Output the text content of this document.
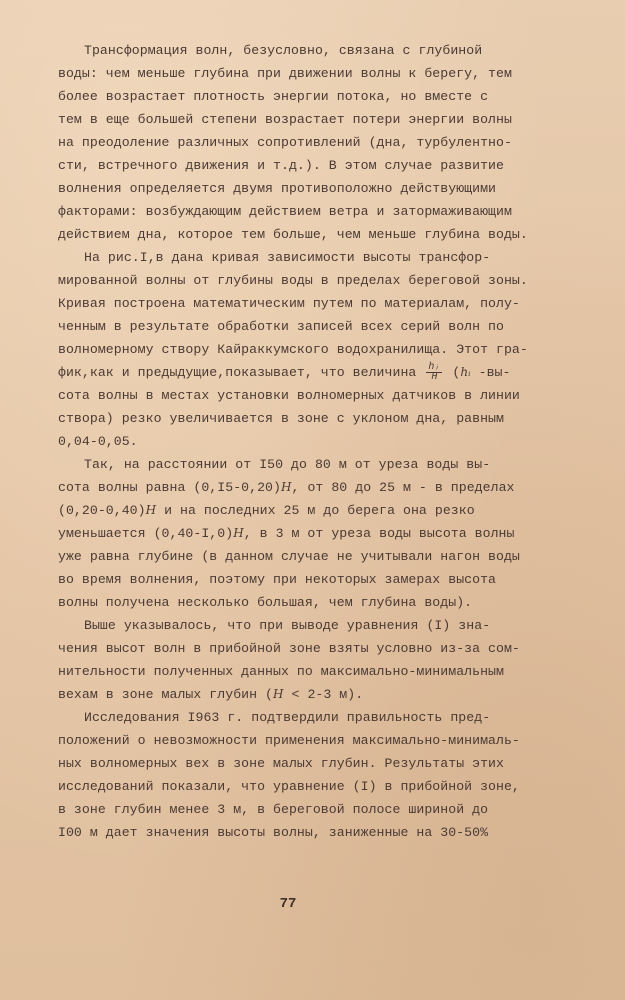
Трансформация волн, безусловно, связана с глубиной
воды: чем меньше глубина при движении волны к берегу, тем
более возрастает плотность энергии потока, но вместе с
тем в еще большей степени возрастает потери энергии волны
на преодоление различных сопротивлений (дна, турбулентно-
сти, встречного движения и т.д.). В этом случае развитие
волнения определяется двумя противоположно действующими
факторами: возбуждающим действием ветра и затормаживающим
действием дна, которое тем больше, чем меньше глубина воды.
На рис.I,в дана кривая зависимости высоты трансфор-
мированной волны от глубины воды в пределах береговой зоны.
Кривая построена математическим путем по материалам, полу-
ченным в результате обработки записей всех серий волн по
волномерному створу Кайраккумского водохранилища. Этот гра-
фик,как и предыдущие,показывает, что величина $\frac{\text{hᵢ}}{H}$ (hᵢ -вы-
сота волны в местах установки волномерных датчиков в линии
створа) резко увеличивается в зоне с уклоном дна, равным
0,04-0,05.
Так, на расстоянии от I50 до 80 м от уреза воды вы-
сота волны равна (0,I5-0,20)H, от 80 до 25 м - в пределах
(0,20-0,40)H и на последних 25 м до берега она резко
уменьшается (0,40-I,0)H, в 3 м от уреза воды высота волны
уже равна глубине (в данном случае не учитывали нагон воды
во время волнения, поэтому при некоторых замерах высота
волны получена несколько большая, чем глубина воды).
Выше указывалось, что при выводе уравнения (I) зна-
чения высот волн в прибойной зоне взяты условно из-за сом-
нительности полученных данных по максимально-минимальным
вехам в зоне малых глубин (H < 2-3 м).
Исследования I963 г. подтвердили правильность пред-
положений о невозможности применения максимально-минималь-
ных волномерных вех в зоне малых глубин. Результаты этих
исследований показали, что уравнение (I) в прибойной зоне,
в зоне глубин менее 3 м, в береговой полосе шириной до
I00 м дает значения высоты волны, заниженные на 30-50%
77
